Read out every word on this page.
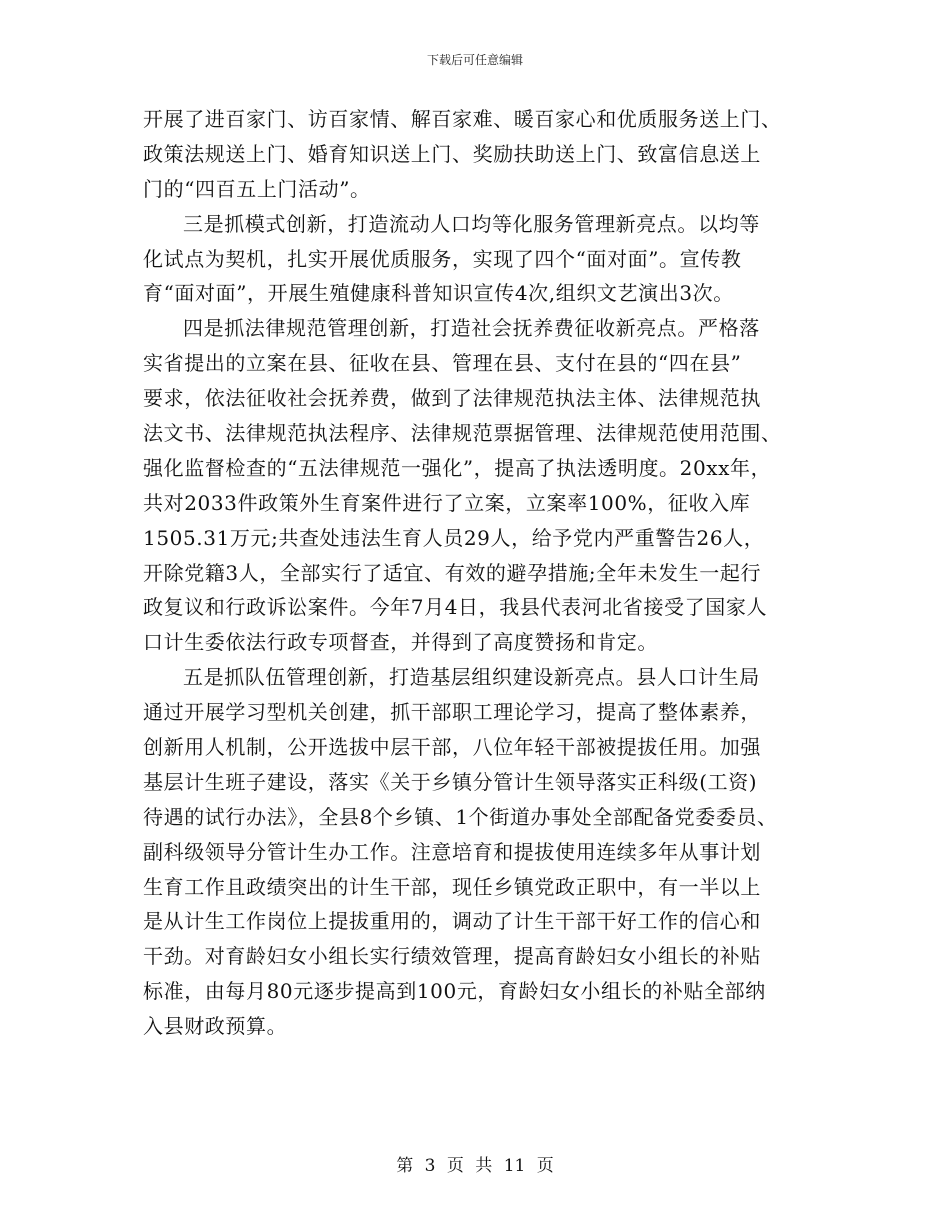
下载后可任意编辑
开展了进百家门、访百家情、解百家难、暖百家心和优质服务送上门、
政策法规送上门、婚育知识送上门、奖励扶助送上门、致富信息送上
门的“四百五上门活动”。
三是抓模式创新，打造流动人口均等化服务管理新亮点。以均等
化试点为契机，扎实开展优质服务，实现了四个“面对面”。宣传教
育“面对面”，开展生殖健康科普知识宣传4次,组织文艺演出3次。
四是抓法律规范管理创新，打造社会抚养费征收新亮点。严格落
实省提出的立案在县、征收在县、管理在县、支付在县的“四在县”
要求，依法征收社会抚养费，做到了法律规范执法主体、法律规范执
法文书、法律规范执法程序、法律规范票据管理、法律规范使用范围、
强化监督检查的“五法律规范一强化”，提高了执法透明度。20xx年，
共对2033件政策外生育案件进行了立案，立案率100%，征收入库
1505.31万元;共查处违法生育人员29人，给予党内严重警告26人，
开除党籍3人，全部实行了适宜、有效的避孕措施;全年未发生一起行
政复议和行政诉讼案件。今年7月4日，我县代表河北省接受了国家人
口计生委依法行政专项督查，并得到了高度赞扬和肯定。
五是抓队伍管理创新，打造基层组织建设新亮点。县人口计生局
通过开展学习型机关创建，抓干部职工理论学习，提高了整体素养，
创新用人机制，公开选拔中层干部，八位年轻干部被提拔任用。加强
基层计生班子建设，落实《关于乡镇分管计生领导落实正科级(工资)
待遇的试行办法》，全县8个乡镇、1个街道办事处全部配备党委委员、
副科级领导分管计生办工作。注意培育和提拔使用连续多年从事计划
生育工作且政绩突出的计生干部，现任乡镇党政正职中，有一半以上
是从计生工作岗位上提拔重用的，调动了计生干部干好工作的信心和
干劲。对育龄妇女小组长实行绩效管理，提高育龄妇女小组长的补贴
标准，由每月80元逐步提高到100元，育龄妇女小组长的补贴全部纳
入县财政预算。
第 3 页 共 11 页
